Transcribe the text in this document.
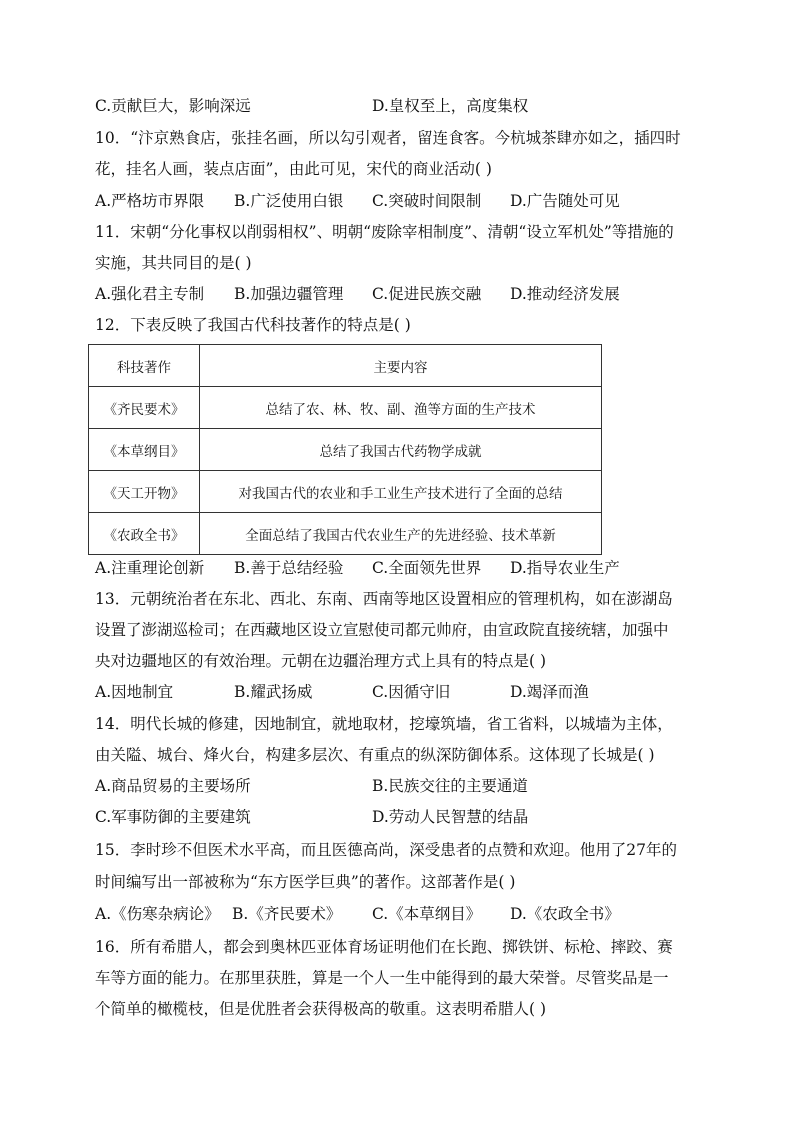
C.贡献巨大，影响深远	D.皇权至上，高度集权
10．“汴京熟食店，张挂名画，所以勾引观者，留连食客。今杭城茶肆亦如之，插四时
花，挂名人画，装点店面”，由此可见，宋代的商业活动( )
A.严格坊市界限 B.广泛使用白银 C.突破时间限制 D.广告随处可见
11．宋朝“分化事权以削弱相权”、明朝“废除宰相制度”、清朝“设立军机处”等措施的
实施，其共同目的是( )
A.强化君主专制 B.加强边疆管理 C.促进民族交融 D.推动经济发展
12．下表反映了我国古代科技著作的特点是( )
科技著作	主要内容
《齐民要术》	总结了农、林、牧、副、渔等方面的生产技术
《本草纲目》	总结了我国古代药物学成就
《天工开物》	对我国古代的农业和手工业生产技术进行了全面的总结
《农政全书》	全面总结了我国古代农业生产的先进经验、技术革新
A.注重理论创新 B.善于总结经验 C.全面领先世界 D.指导农业生产
13．元朝统治者在东北、西北、东南、西南等地区设置相应的管理机构，如在澎湖岛
设置了澎湖巡检司；在西藏地区设立宣慰使司都元帅府，由宣政院直接统辖，加强中
央对边疆地区的有效治理。元朝在边疆治理方式上具有的特点是( )
A.因地制宜	B.耀武扬威	C.因循守旧	D.竭泽而渔
14．明代长城的修建，因地制宜，就地取材，挖壕筑墙，省工省料，以城墙为主体，
由关隘、城台、烽火台，构建多层次、有重点的纵深防御体系。这体现了长城是( )
A.商品贸易的主要场所	B.民族交往的主要通道
C.军事防御的主要建筑	D.劳动人民智慧的结晶
15．李时珍不但医术水平高，而且医德高尚，深受患者的点赞和欢迎。他用了27年的
时间编写出一部被称为“东方医学巨典”的著作。这部著作是( )
A.《伤寒杂病论》 B.《齐民要术》 C.《本草纲目》 D.《农政全书》
16．所有希腊人，都会到奥林匹亚体育场证明他们在长跑、掷铁饼、标枪、摔跤、赛
车等方面的能力。在那里获胜，算是一个人一生中能得到的最大荣誉。尽管奖品是一
个简单的橄榄枝，但是优胜者会获得极高的敬重。这表明希腊人( )
